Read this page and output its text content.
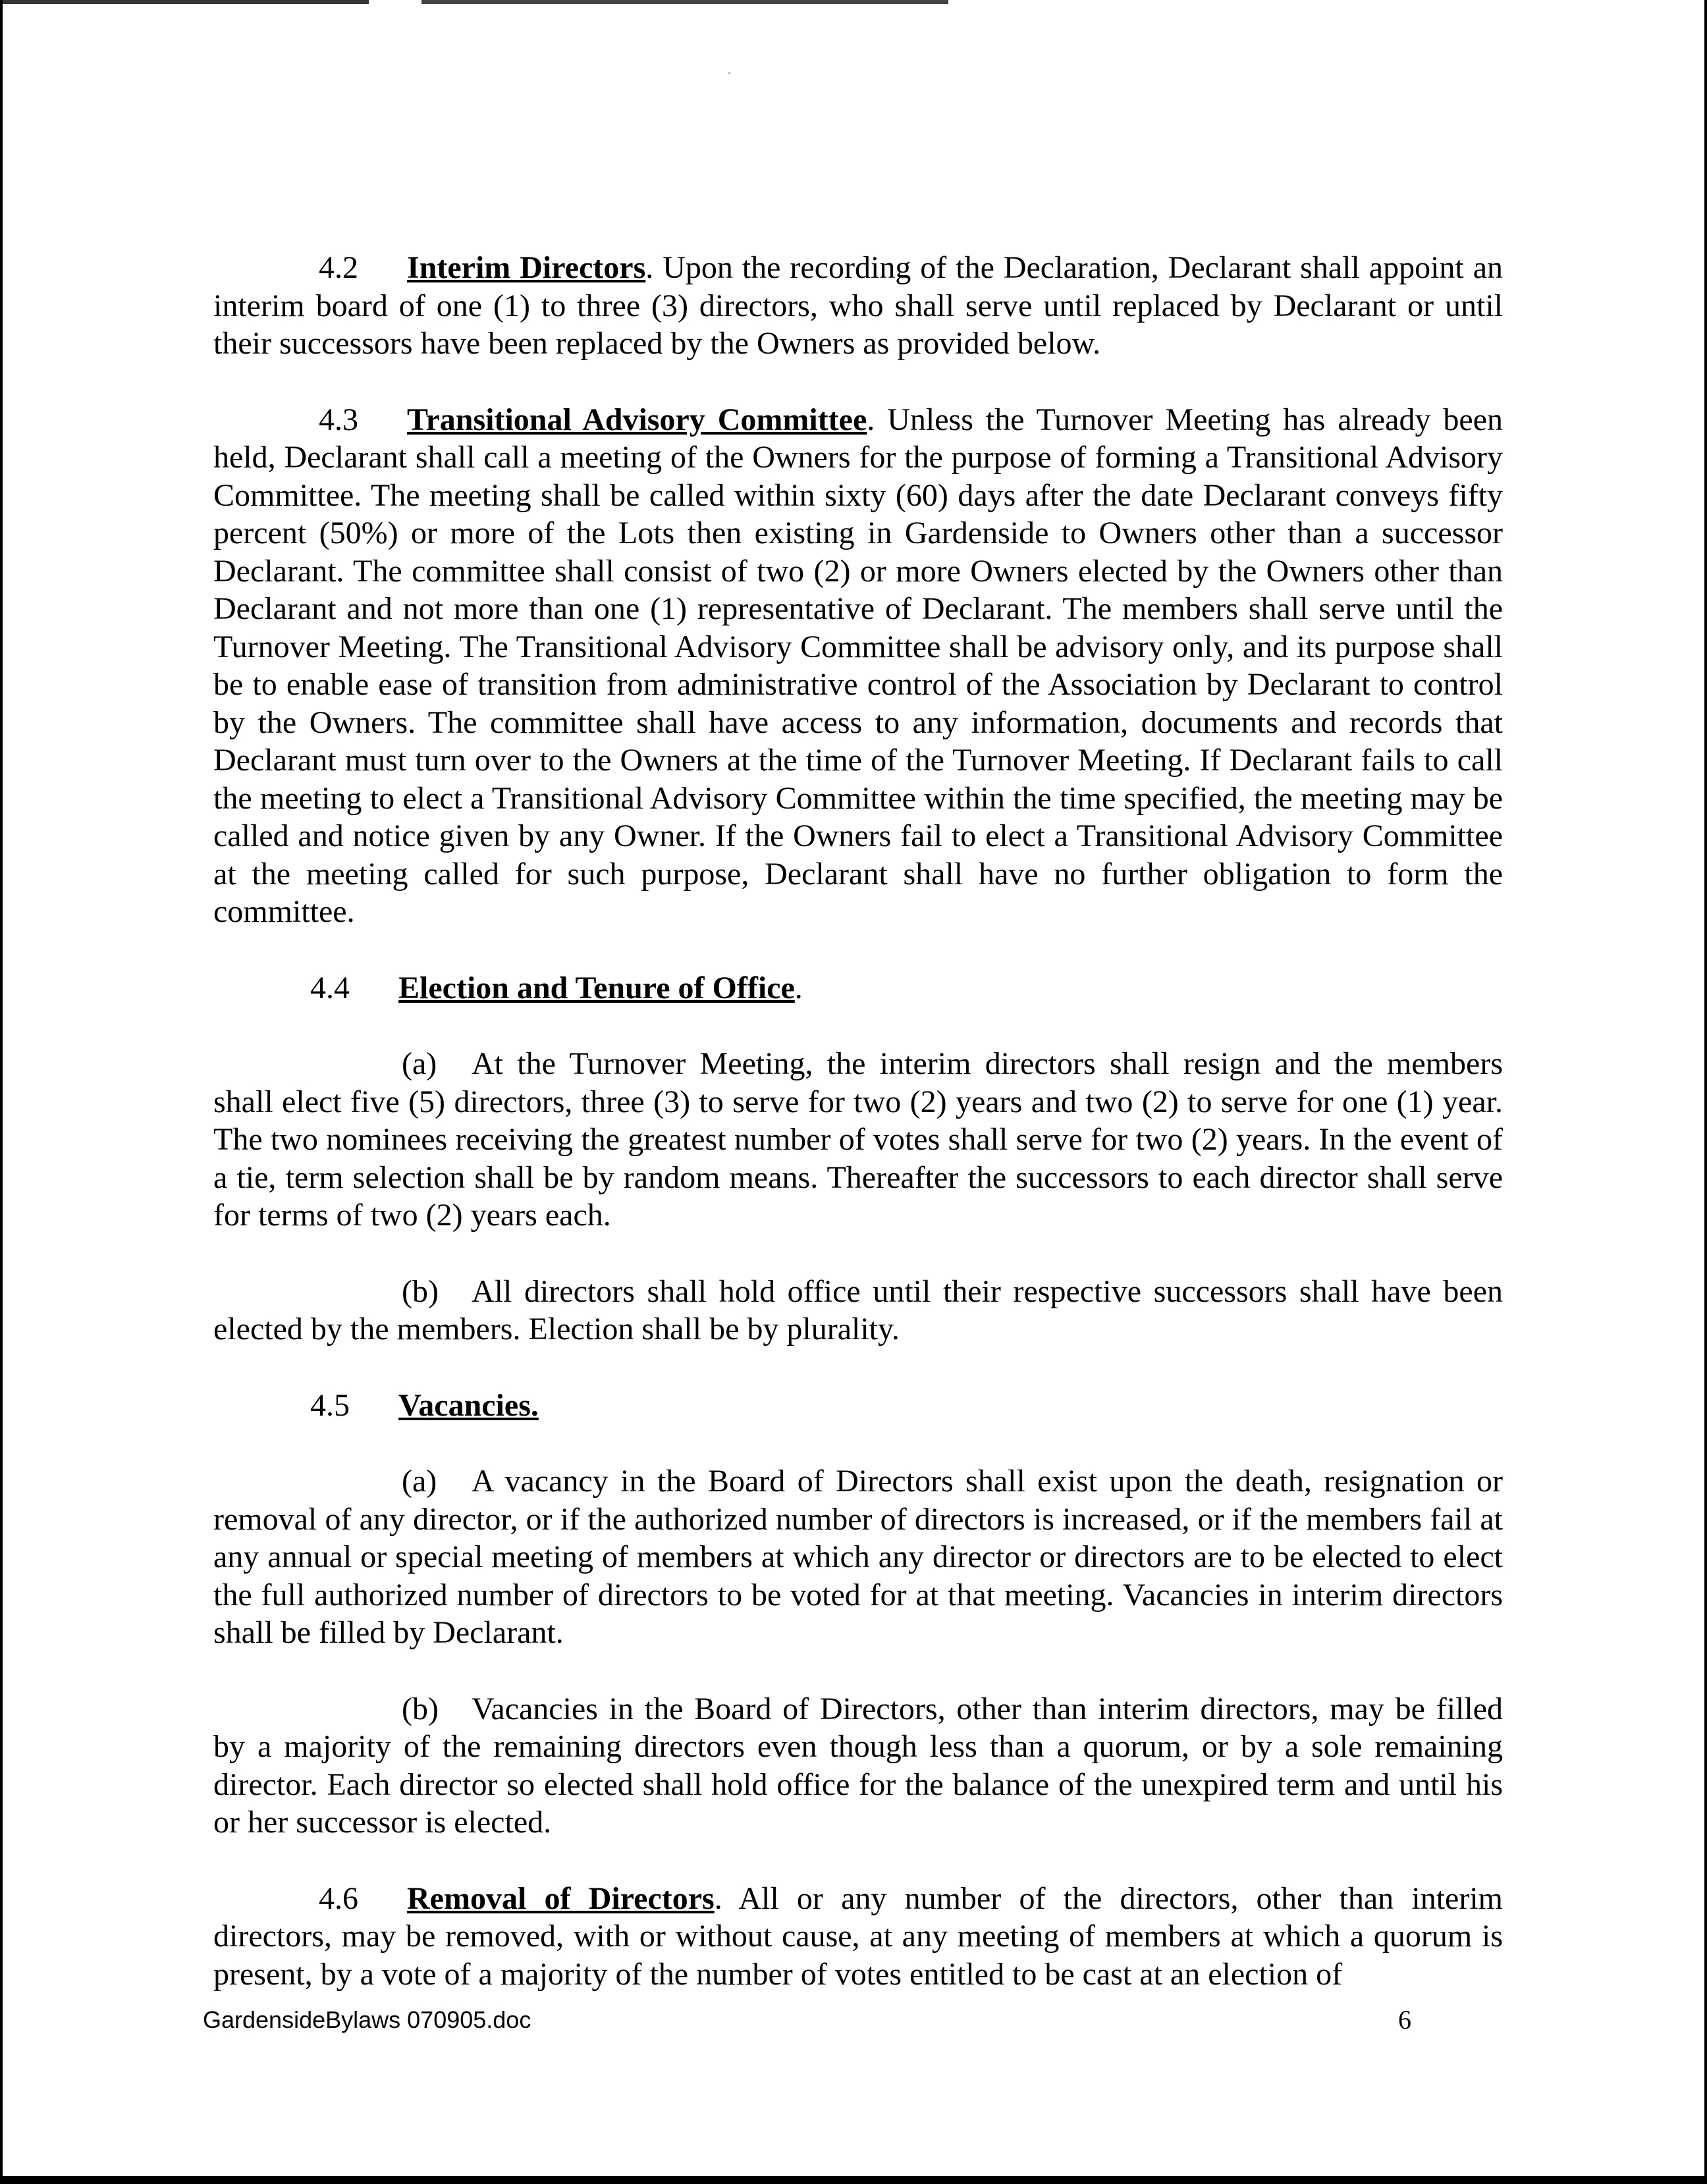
4.2 Interim Directors. Upon the recording of the Declaration, Declarant shall appoint an interim board of one (1) to three (3) directors, who shall serve until replaced by Declarant or until their successors have been replaced by the Owners as provided below.

4.3 Transitional Advisory Committee. Unless the Turnover Meeting has already been held, Declarant shall call a meeting of the Owners for the purpose of forming a Transitional Advisory Committee. The meeting shall be called within sixty (60) days after the date Declarant conveys fifty percent (50%) or more of the Lots then existing in Gardenside to Owners other than a successor Declarant. The committee shall consist of two (2) or more Owners elected by the Owners other than Declarant and not more than one (1) representative of Declarant. The members shall serve until the Turnover Meeting. The Transitional Advisory Committee shall be advisory only, and its purpose shall be to enable ease of transition from administrative control of the Association by Declarant to control by the Owners. The committee shall have access to any information, documents and records that Declarant must turn over to the Owners at the time of the Turnover Meeting. If Declarant fails to call the meeting to elect a Transitional Advisory Committee within the time specified, the meeting may be called and notice given by any Owner. If the Owners fail to elect a Transitional Advisory Committee at the meeting called for such purpose, Declarant shall have no further obligation to form the committee.

4.4 Election and Tenure of Office.

(a) At the Turnover Meeting, the interim directors shall resign and the members shall elect five (5) directors, three (3) to serve for two (2) years and two (2) to serve for one (1) year. The two nominees receiving the greatest number of votes shall serve for two (2) years. In the event of a tie, term selection shall be by random means. Thereafter the successors to each director shall serve for terms of two (2) years each.

(b) All directors shall hold office until their respective successors shall have been elected by the members. Election shall be by plurality.

4.5 Vacancies.

(a) A vacancy in the Board of Directors shall exist upon the death, resignation or removal of any director, or if the authorized number of directors is increased, or if the members fail at any annual or special meeting of members at which any director or directors are to be elected to elect the full authorized number of directors to be voted for at that meeting. Vacancies in interim directors shall be filled by Declarant.

(b) Vacancies in the Board of Directors, other than interim directors, may be filled by a majority of the remaining directors even though less than a quorum, or by a sole remaining director. Each director so elected shall hold office for the balance of the unexpired term and until his or her successor is elected.

4.6 Removal of Directors. All or any number of the directors, other than interim directors, may be removed, with or without cause, at any meeting of members at which a quorum is present, by a vote of a majority of the number of votes entitled to be cast at an election of

GardensideBylaws 070905.doc	6
